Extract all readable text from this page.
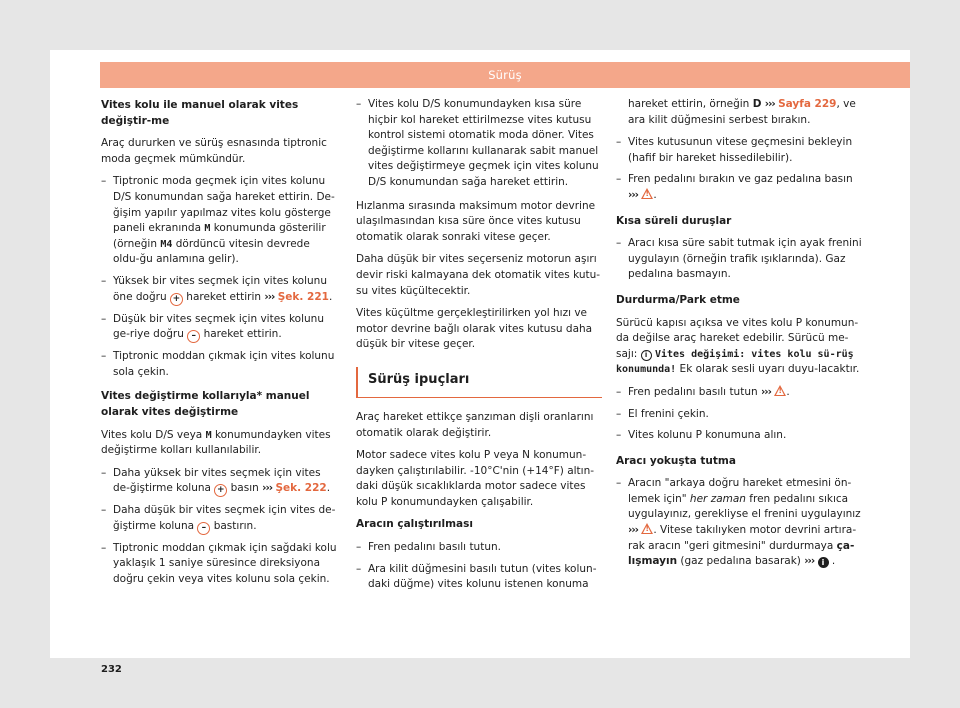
Sürüş

Vites kolu ile manuel olarak vites değiştir-me

Araç dururken ve sürüş esnasında tiptronic moda geçmek mümkündür.

– Tiptronic moda geçmek için vites kolunu D/S konumundan sağa hareket ettirin. De-ğişim yapılır yapılmaz vites kolu gösterge paneli ekranında M konumunda gösterilir (örneğin M4 dördüncü vitesin devrede oldu-ğu anlamına gelir).
– Yüksek bir vites seçmek için vites kolunu öne doğru + hareket ettirin ››› Şek. 221.
– Düşük bir vites seçmek için vites kolunu ge-riye doğru – hareket ettirin.
– Tiptronic moddan çıkmak için vites kolunu sola çekin.

Vites değiştirme kollarıyla* manuel olarak vites değiştirme

Vites kolu D/S veya M konumundayken vites değiştirme kolları kullanılabilir.

– Daha yüksek bir vites seçmek için vites de-ğiştirme koluna + basın ››› Şek. 222.
– Daha düşük bir vites seçmek için vites de-ğiştirme koluna – bastırın.
– Tiptronic moddan çıkmak için sağdaki kolu yaklaşık 1 saniye süresince direksiyona doğru çekin veya vites kolunu sola çekin.
– Vites kolu D/S konumundayken kısa süre hiçbir kol hareket ettirilmezse vites kutusu kontrol sistemi otomatik moda döner. Vites değiştirme kollarını kullanarak sabit manuel vites değiştirmeye geçmek için vites kolunu D/S konumundan sağa hareket ettirin.

Hızlanma sırasında maksimum motor devrine ulaşılmasından kısa süre önce vites kutusu otomatik olarak sonraki vitese geçer.

Daha düşük bir vites seçerseniz motorun aşırı devir riski kalmayana dek otomatik vites kutu-su vites küçültecektir.

Vites küçültme gerçekleştirilirken yol hızı ve motor devrine bağlı olarak vites kutusu daha düşük bir vitese geçer.

Sürüş ipuçları

Araç hareket ettikçe şanzıman dişli oranlarını otomatik olarak değiştirir.

Motor sadece vites kolu P veya N konumun-dayken çalıştırılabilir. -10°C'nin (+14°F) altın-daki düşük sıcaklıklarda motor sadece vites kolu P konumundayken çalışabilir.

Aracın çalıştırılması

– Fren pedalını basılı tutun.
– Ara kilit düğmesini basılı tutun (vites kolun-daki düğme) vites kolunu istenen konuma

hareket ettirin, örneğin D ››› Sayfa 229, ve ara kilit düğmesini serbest bırakın.

– Vites kutusunun vitese geçmesini bekleyin (hafif bir hareket hissedilebilir).
– Fren pedalını bırakın ve gaz pedalına basın ››› ! .

Kısa süreli duruşlar

– Aracı kısa süre sabit tutmak için ayak frenini uygulayın (örneğin trafik ışıklarında). Gaz pedalına basmayın.

Durdurma/Park etme

Sürücü kapısı açıksa ve vites kolu P konumun-da değilse araç hareket edebilir. Sürücü me-sajı: i Vites değişimi: vites kolu sü-rüş konumunda! Ek olarak sesli uyarı duyu-lacaktır.

– Fren pedalını basılı tutun ››› ! .
– El frenini çekin.
– Vites kolunu P konumuna alın.

Aracı yokuşta tutma

– Aracın "arkaya doğru hareket etmesini ön-lemek için" her zaman fren pedalını sıkıca uygulayınız, gerekliyse el frenini uygulayınız ››› ! . Vitese takılıyken motor devrini artıra-rak aracın "geri gitmesini" durdurmaya ça-lışmayın (gaz pedalına basarak) ››› i .
232
